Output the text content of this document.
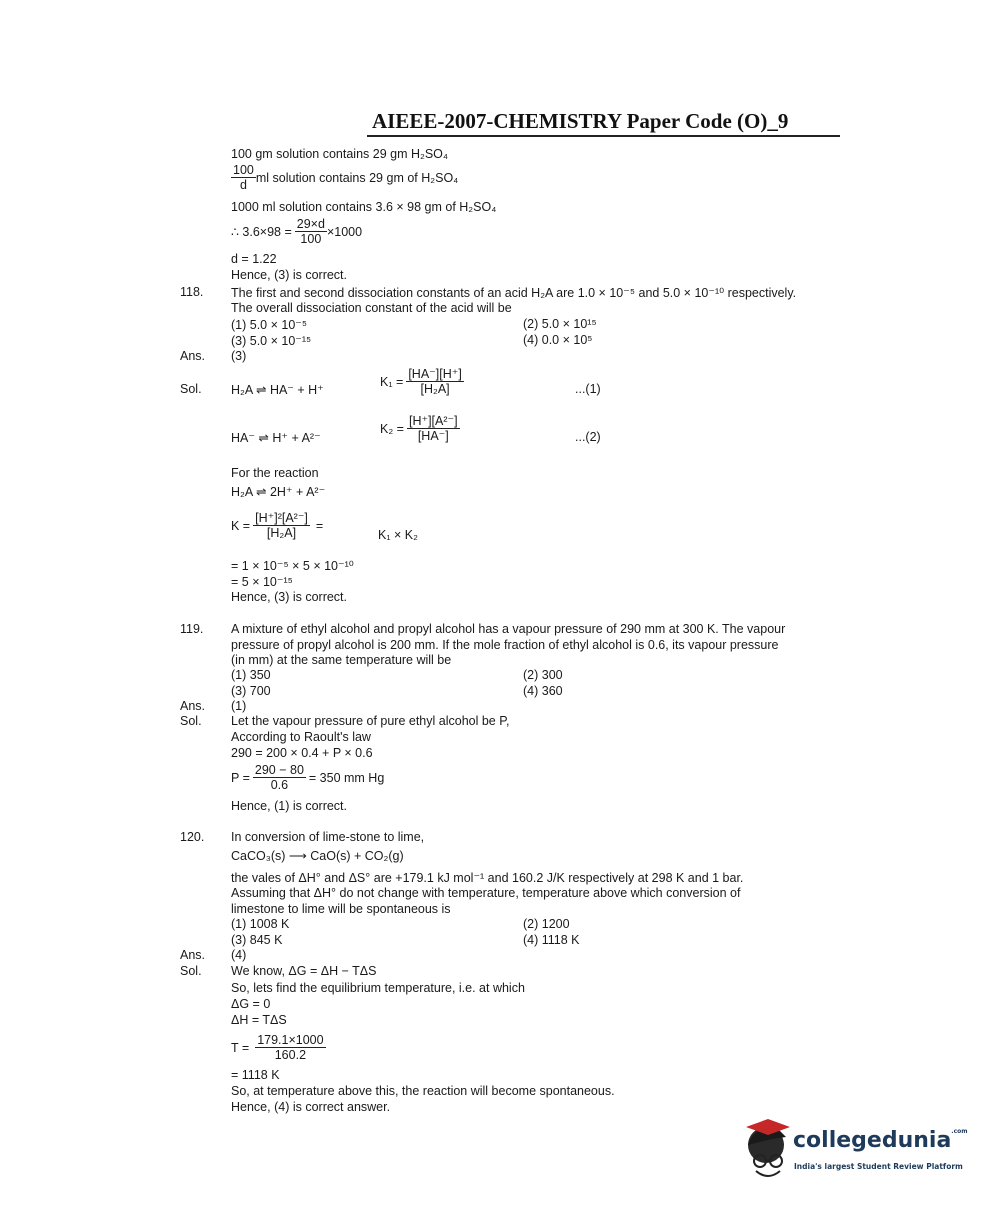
AIEEE-2007-CHEMISTRY Paper Code (O)_9
100 gm solution contains 29 gm H₂SO₄
$\frac{100}{d}$ ml solution contains 29 gm of H₂SO₄
1000 ml solution contains 3.6 × 98 gm of H₂SO₄
∴ $3.6\times 98 = \frac{29\times d}{100} \times 1000$
d = 1.22
Hence, (3) is correct.
118. The first and second dissociation constants of an acid H₂A are 1.0 × 10⁻⁵ and 5.0 × 10⁻¹⁰ respectively.
The overall dissociation constant of the acid will be
(1) 5.0 × 10⁻⁵	(2) 5.0 × 10¹⁵
(3) 5.0 × 10⁻¹⁵	(4) 0.0 × 10⁵
Ans. (3)
Sol. H₂A ⇌ HA⁻ + H⁺
$K_1 = \frac{[HA^-][H^+]}{\text{[H₂A]}}$	...(1)
HA⁻ ⇌ H⁺ + A²⁻
$K_2 = \frac{\text{[H⁺][A²⁻]}}{[HA^-]}$	...(2)
For the reaction
H₂A ⇌ 2H⁺ + A²⁻
$K = \frac{\text{[H⁺]²[A²⁻]}}{\text{[H₂A]}}$ =
K₁ × K₂
= 1 × 10⁻⁵ × 5 × 10⁻¹⁰
= 5 × 10⁻¹⁵
Hence, (3) is correct.
119. A mixture of ethyl alcohol and propyl alcohol has a vapour pressure of 290 mm at 300 K. The vapour
pressure of propyl alcohol is 200 mm. If the mole fraction of ethyl alcohol is 0.6, its vapour pressure
(in mm) at the same temperature will be
(1) 350	(2) 300
(3) 700	(4) 360
Ans. (1)
Sol. Let the vapour pressure of pure ethyl alcohol be P,
According to Raoult's law
290 = 200 × 0.4 + P × 0.6
$P = \frac{290 - 80}{0.6} = 350$ mm Hg
Hence, (1) is correct.
120. In conversion of lime-stone to lime,
CaCO₃(s) ⟶ CaO(s) + CO₂(g)
the vales of ΔH° and ΔS° are +179.1 kJ mol⁻¹ and 160.2 J/K respectively at 298 K and 1 bar.
Assuming that ΔH° do not change with temperature, temperature above which conversion of
limestone to lime will be spontaneous is
(1) 1008 K	(2) 1200
(3) 845 K	(4) 1118 K
Ans. (4)
Sol. We know, ΔG = ΔH − TΔS
So, lets find the equilibrium temperature, i.e. at which
ΔG = 0
ΔH = TΔS
$T = \frac{179.1\times 1000}{160.2}$
= 1118 K
So, at temperature above this, the reaction will become spontaneous.
Hence, (4) is correct answer.
collegedunia$^{.com}$
India's largest Student Review Platform
